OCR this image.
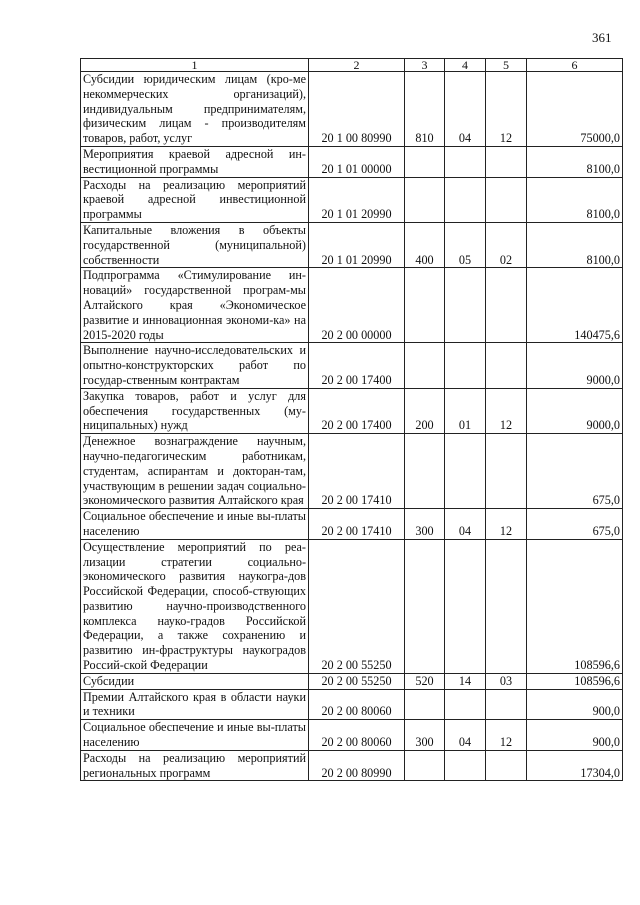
361
1	2	3	4	5	6
Субсидии юридическим лицам (кро-ме некоммерческих организаций), индивидуальным предпринимателям, физическим лицам - производителям товаров, работ, услуг	20 1 00 80990	810	04	12	75000,0
Мероприятия краевой адресной ин-вестиционной программы	20 1 01 00000				8100,0
Расходы на реализацию мероприятий краевой адресной инвестиционной программы	20 1 01 20990				8100,0
Капитальные вложения в объекты государственной (муниципальной) собственности	20 1 01 20990	400	05	02	8100,0
Подпрограмма «Стимулирование ин-новаций» государственной програм-мы Алтайского края «Экономическое развитие и инновационная экономи-ка» на 2015-2020 годы	20 2 00 00000				140475,6
Выполнение научно-исследовательских и опытно-конструкторских работ по государ-ственным контрактам	20 2 00 17400				9000,0
Закупка товаров, работ и услуг для обеспечения государственных (му-ниципальных) нужд	20 2 00 17400	200	01	12	9000,0
Денежное вознаграждение научным, научно-педагогическим работникам, студентам, аспирантам и докторан-там, участвующим в решении задач социально-экономического развития Алтайского края	20 2 00 17410				675,0
Социальное обеспечение и иные вы-платы населению	20 2 00 17410	300	04	12	675,0
Осуществление мероприятий по реа-лизации стратегии социально-экономического развития наукогра-дов Российской Федерации, способ-ствующих развитию научно-производственного комплекса науко-градов Российской Федерации, а также сохранению и развитию ин-фраструктуры наукоградов Россий-ской Федерации	20 2 00 55250				108596,6
Субсидии	20 2 00 55250	520	14	03	108596,6
Премии Алтайского края в области науки и техники	20 2 00 80060				900,0
Социальное обеспечение и иные вы-платы населению	20 2 00 80060	300	04	12	900,0
Расходы на реализацию мероприятий региональных программ	20 2 00 80990				17304,0
